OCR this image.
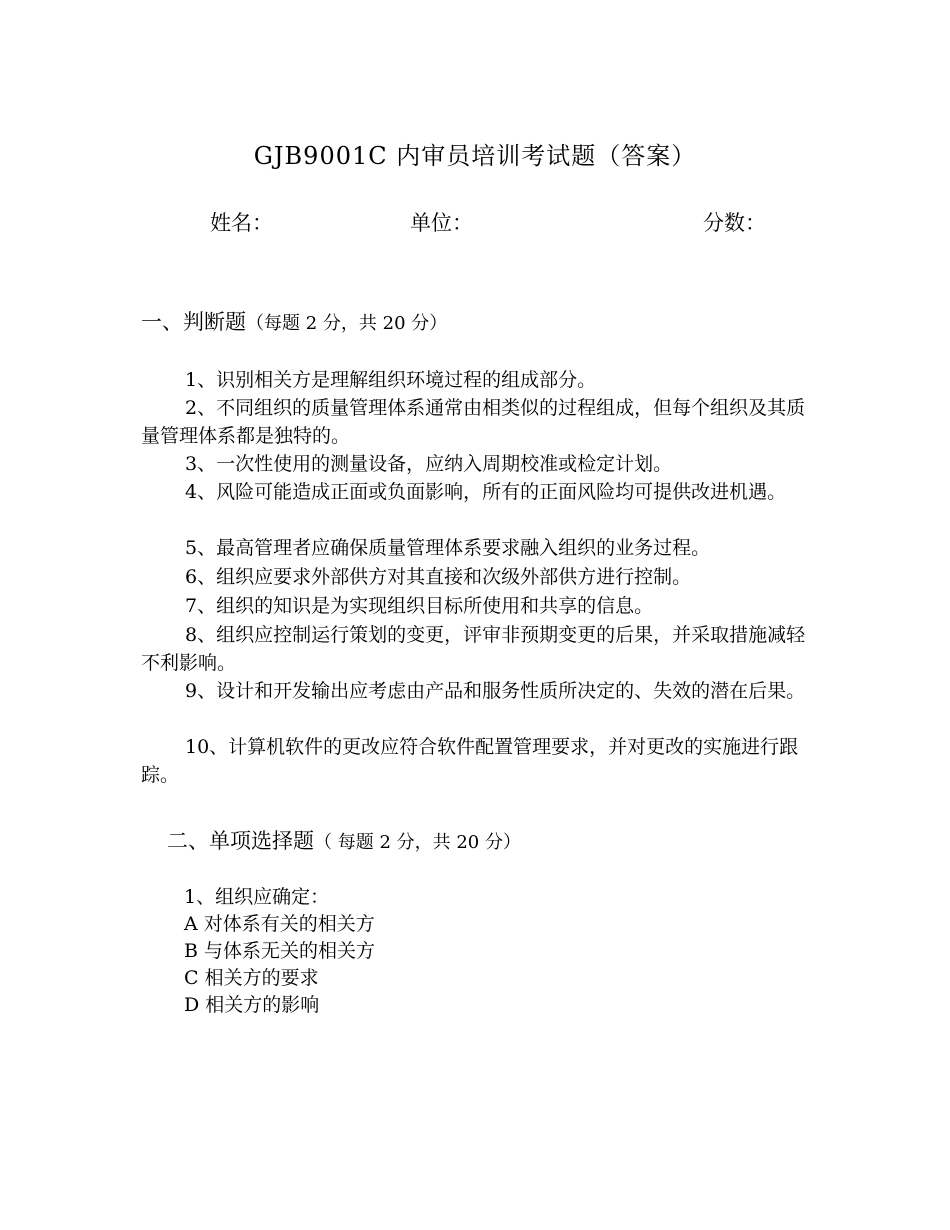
GJB9001C 内审员培训考试题（答案）
姓名：	单位：	分数：
一、判断题（每题 2 分，共 20 分）

1、识别相关方是理解组织环境过程的组成部分。

2、不同组织的质量管理体系通常由相类似的过程组成，但每个组织及其质量管理体系都是独特的。

3、一次性使用的测量设备，应纳入周期校准或检定计划。

4、风险可能造成正面或负面影响，所有的正面风险均可提供改进机遇。

5、最高管理者应确保质量管理体系要求融入组织的业务过程。

6、组织应要求外部供方对其直接和次级外部供方进行控制。

7、组织的知识是为实现组织目标所使用和共享的信息。

8、组织应控制运行策划的变更，评审非预期变更的后果，并采取措施减轻不利影响。

9、设计和开发输出应考虑由产品和服务性质所决定的、失效的潜在后果。

10、计算机软件的更改应符合软件配置管理要求，并对更改的实施进行跟踪。

二、单项选择题（ 每题 2 分，共 20 分）
1、组织应确定：
A 对体系有关的相关方
B 与体系无关的相关方
C 相关方的要求
D 相关方的影响
